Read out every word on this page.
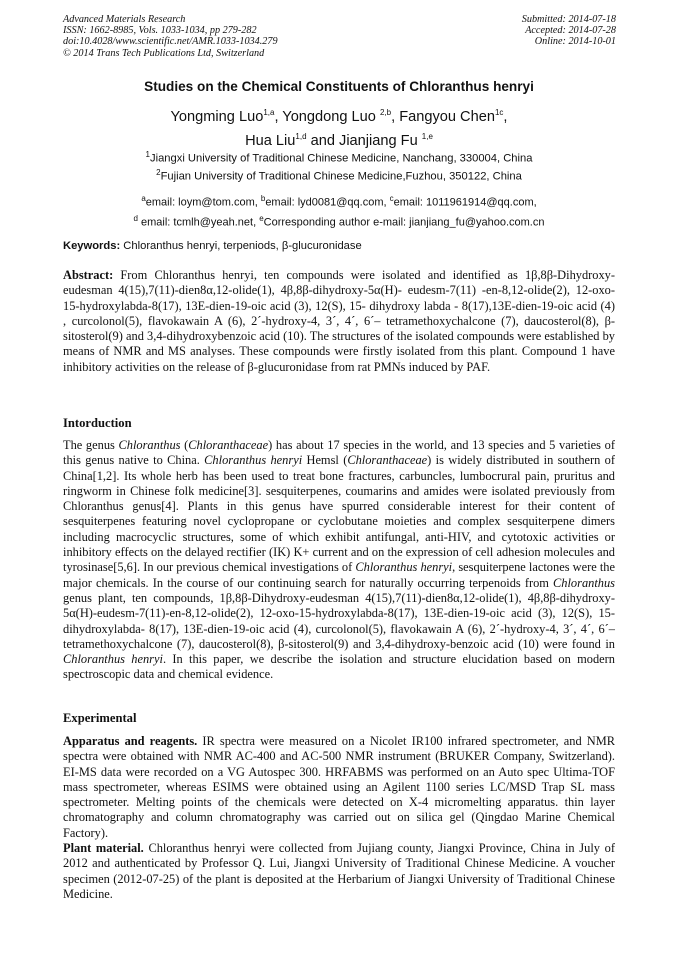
Advanced Materials Research
ISSN: 1662-8985, Vols. 1033-1034, pp 279-282
doi:10.4028/www.scientific.net/AMR.1033-1034.279
© 2014 Trans Tech Publications Ltd, Switzerland
Submitted: 2014-07-18
Accepted: 2014-07-28
Online: 2014-10-01
Studies on the Chemical Constituents of Chloranthus henryi
Yongming Luo$^{1,a}$, Yongdong Luo $^{2,b}$, Fangyou Chen$^{1c}$,
Hua Liu$^{1,d}$ and Jianjiang Fu $^{1,e}$
$^1$Jiangxi University of Traditional Chinese Medicine, Nanchang, 330004, China
$^2$Fujian University of Traditional Chinese Medicine,Fuzhou, 350122, China
$^a$email: loym@tom.com, $^b$email: lyd0081@qq.com, $^c$email: 1011961914@qq.com,
$^d$ email: tcmlh@yeah.net, $^e$Corresponding author e-mail: jianjiang_fu@yahoo.com.cn
Keywords: Chloranthus henryi, terpeniods, β-glucuronidase

Abstract: From Chloranthus henryi, ten compounds were isolated and identified as 1β,8β-Dihydroxy-eudesman 4(15),7(11)-dien8α,12-olide(1), 4β,8β-dihydroxy-5α(H)- eudesm-7(11) -en-8,12-olide(2), 12-oxo-15-hydroxylabda-8(17), 13E-dien-19-oic acid (3), 12(S), 15- dihydroxy labda - 8(17),13E-dien-19-oic acid (4) , curcolonol(5), flavokawain A (6), 2´-hydroxy-4, 3´, 4´, 6´– tetramethoxychalcone (7), daucosterol(8), β-sitosterol(9) and 3,4-dihydroxybenzoic acid (10). The structures of the isolated compounds were established by means of NMR and MS analyses. These compounds were firstly isolated from this plant. Compound 1 have inhibitory activities on the release of β-glucuronidase from rat PMNs induced by PAF.

Intorduction

The genus Chloranthus (Chloranthaceae) has about 17 species in the world, and 13 species and 5 varieties of this genus native to China. Chloranthus henryi Hemsl (Chloranthaceae) is widely distributed in southern of China[1,2]. Its whole herb has been used to treat bone fractures, carbuncles, lumbocrural pain, pruritus and ringworm in Chinese folk medicine[3]. sesquiterpenes, coumarins and amides were isolated previously from Chloranthus genus[4]. Plants in this genus have spurred considerable interest for their content of sesquiterpenes featuring novel cyclopropane or cyclobutane moieties and complex sesquiterpene dimers including macrocyclic structures, some of which exhibit antifungal, anti-HIV, and cytotoxic activities or inhibitory effects on the delayed rectifier (IK) K+ current and on the expression of cell adhesion molecules and tyrosinase[5,6]. In our previous chemical investigations of Chloranthus henryi, sesquiterpene lactones were the major chemicals. In the course of our continuing search for naturally occurring terpenoids from Chloranthus genus plant, ten compounds, 1β,8β-Dihydroxy-eudesman 4(15),7(11)-dien8α,12-olide(1), 4β,8β-dihydroxy-5α(H)-eudesm-7(11)-en-8,12-olide(2), 12-oxo-15-hydroxylabda-8(17), 13E-dien-19-oic acid (3), 12(S), 15-dihydroxylabda- 8(17), 13E-dien-19-oic acid (4), curcolonol(5), flavokawain A (6), 2´-hydroxy-4, 3´, 4´, 6´–tetramethoxychalcone (7), daucosterol(8), β-sitosterol(9) and 3,4-dihydroxy-benzoic acid (10) were found in Chloranthus henryi. In this paper, we describe the isolation and structure elucidation based on modern spectroscopic data and chemical evidence.

Experimental

Apparatus and reagents. IR spectra were measured on a Nicolet IR100 infrared spectrometer, and NMR spectra were obtained with NMR AC-400 and AC-500 NMR instrument (BRUKER Company, Switzerland). EI-MS data were recorded on a VG Autospec 300. HRFABMS was performed on an Auto spec Ultima-TOF mass spectrometer, whereas ESIMS were obtained using an Agilent 1100 series LC/MSD Trap SL mass spectrometer. Melting points of the chemicals were detected on X-4 micromelting apparatus. thin layer chromatography and column chromatography was carried out on silica gel (Qingdao Marine Chemical Factory).

Plant material. Chloranthus henryi were collected from Jujiang county, Jiangxi Province, China in July of 2012 and authenticated by Professor Q. Lui, Jiangxi University of Traditional Chinese Medicine. A voucher specimen (2012-07-25) of the plant is deposited at the Herbarium of Jiangxi University of Traditional Chinese Medicine.
